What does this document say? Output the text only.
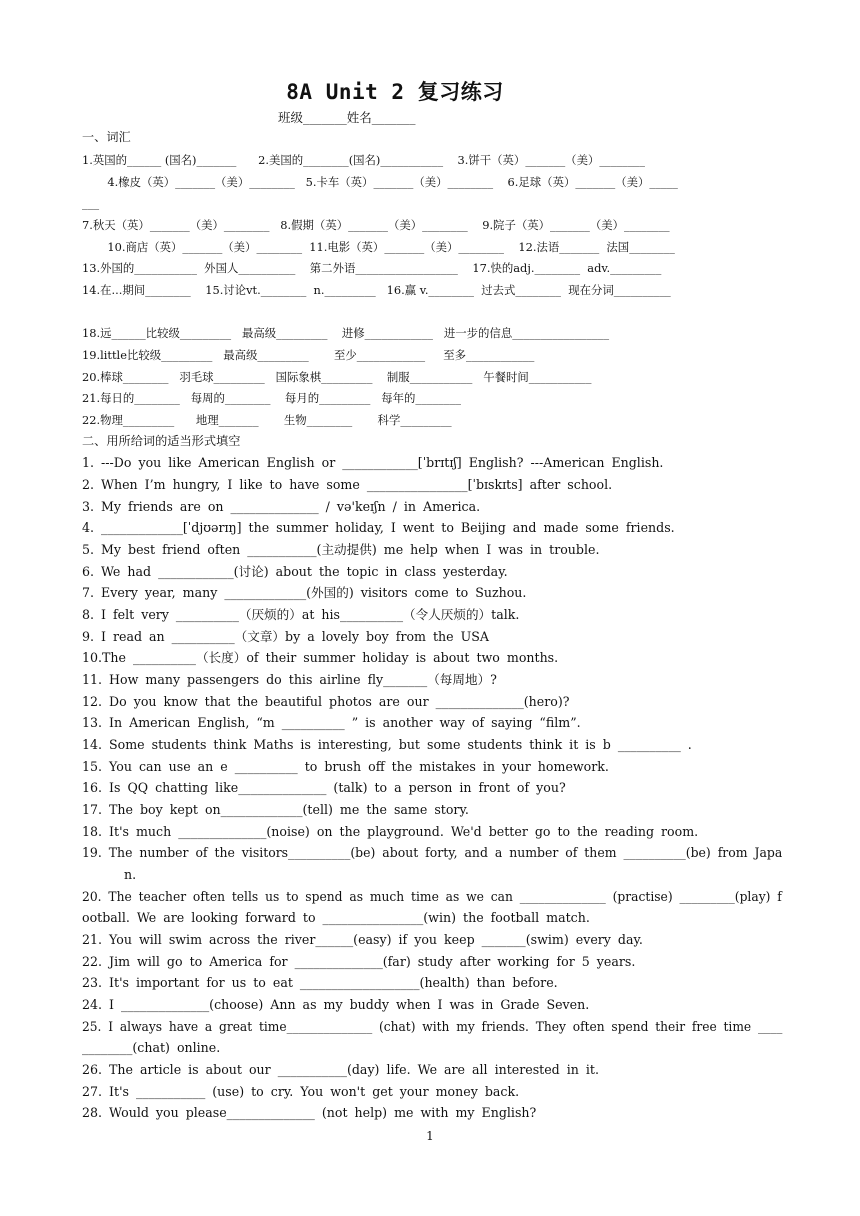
8A Unit 2 复习练习
班级_______姓名_______
一、词汇
1.英国的______ (国名)_______      2.美国的________(国名)___________    3.饼干（英）_______（美）________
4.橡皮（英）_______（美）________   5.卡车（英）_______（美）________    6.足球（英）_______（美）_____
___
7.秋天（英）_______（美）________   8.假期（英）_______（美）________    9.院子（英）_______（美）________
10.商店（英）_______（美）________  11.电影（英）_______（美）________    12.法语_______  法国________
13.外国的___________  外国人__________    第二外语__________________    17.快的adj.________  adv._________
14.在...期间________    15.讨论vt.________  n._________   16.赢 v.________  过去式________  现在分词__________
18.远______比较级_________   最高级_________    进修____________   进一步的信息_________________
19.little比较级_________   最高级_________       至少____________     至多____________
20.棒球________   羽毛球_________   国际象棋_________    制服___________   午餐时间___________
21.每日的________   每周的________    每月的_________   每年的________
22.物理_________      地理_______       生物________       科学_________
二、用所给词的适当形式填空
1. ---Do you like American English or ____________[ˈbrɪtɪʃ] English? ---American English.
2. When I’m hungry, I like to have some ________________[ˈbɪskɪts] after school.
3. My friends are on ______________ / və'keɪʃn / in America.
4. _____________[ˈdjʊərɪŋ] the summer holiday, I went to Beijing and made some friends.
5. My best friend often ___________(主动提供) me help when I was in trouble.
6. We had ____________(讨论) about the topic in class yesterday.
7. Every year, many _____________(外国的) visitors come to Suzhou.
8. I felt very __________（厌烦的）at his__________（令人厌烦的）talk.
9. I read an __________（文章）by a lovely boy from the USA
10.The __________（长度）of their summer holiday is about two months.
11. How many passengers do this airline fly_______（每周地）?
12. Do you know that the beautiful photos are our ______________(hero)?
13. In American English, “m __________ ” is another way of saying “film”.
14. Some students think Maths is interesting, but some students think it is b __________ .
15. You can use an e __________ to brush off the mistakes in your homework.
16. Is QQ chatting like______________ (talk) to a person in front of you?
17. The boy kept on_____________(tell) me the same story.
18. It's much ______________(noise) on the playground. We'd better go to the reading room.
19. The number of the visitors__________(be) about forty, and a number of them __________(be) from Japa
n.
20. The teacher often tells us to spend as much time as we can ______________ (practise) _________(play) f
ootball. We are looking forward to ________________(win) the football match.
21. You will swim across the river______(easy) if you keep _______(swim) every day.
22. Jim will go to America for ______________(far) study after working for 5 years.
23. It's important for us to eat ___________________(health) than before.
24. I ______________(choose) Ann as my buddy when I was in Grade Seven.
25. I always have a great time______________ (chat) with my friends. They often spend their free time ____
________(chat) online.
26. The article is about our ___________(day) life. We are all interested in it.
27. It's ___________ (use) to cry. You won't get your money back.
28. Would you please______________ (not help) me with my English?
1
